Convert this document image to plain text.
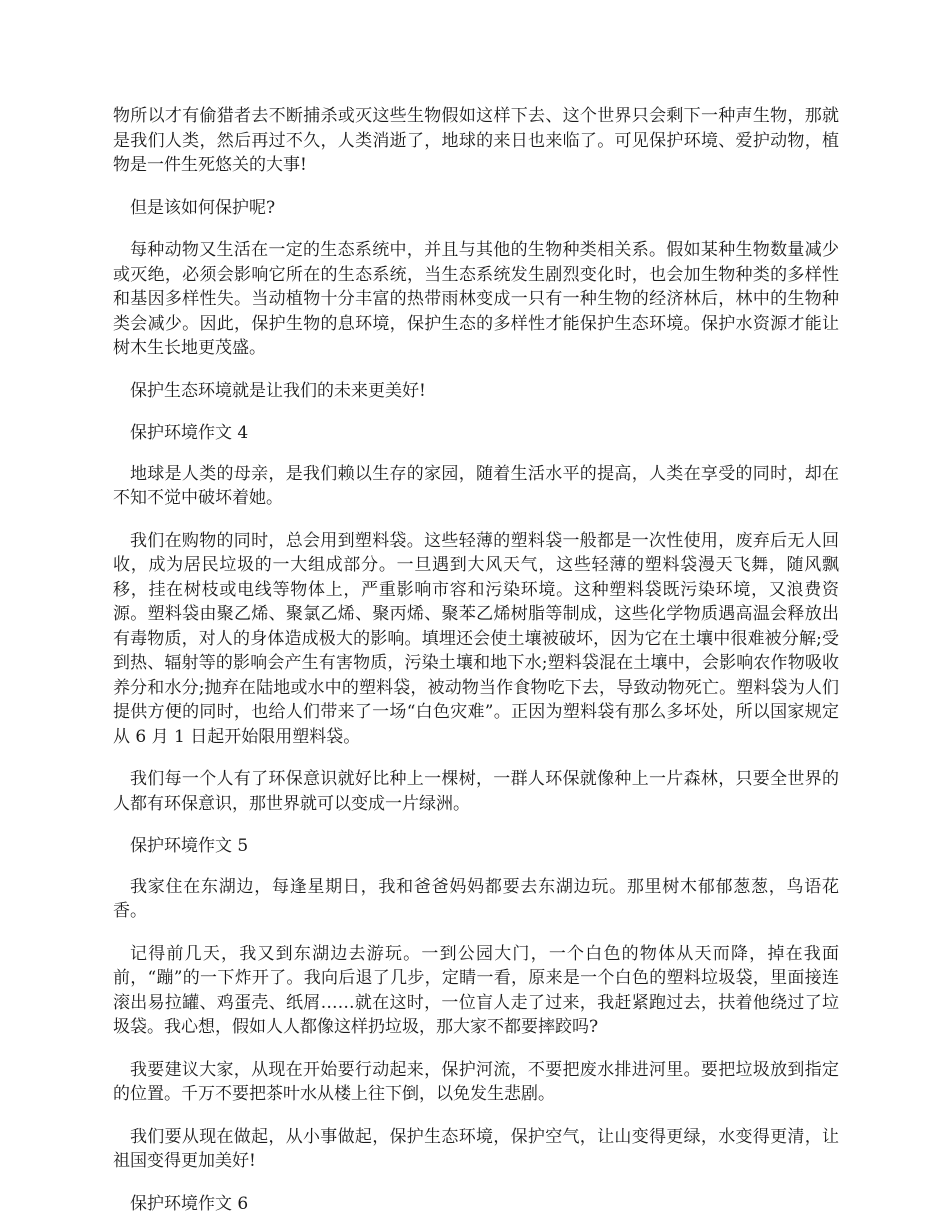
物所以才有偷猎者去不断捕杀或灭这些生物假如这样下去、这个世界只会剩下一种声生物，那就是我们人类，然后再过不久，人类消逝了，地球的来日也来临了。可见保护环境、爱护动物，植物是一件生死悠关的大事!

但是该如何保护呢?

每种动物又生活在一定的生态系统中，并且与其他的生物种类相关系。假如某种生物数量减少或灭绝，必须会影响它所在的生态系统，当生态系统发生剧烈变化时，也会加生物种类的多样性和基因多样性失。当动植物十分丰富的热带雨林变成一只有一种生物的经济林后，林中的生物种类会减少。因此，保护生物的息环境，保护生态的多样性才能保护生态环境。保护水资源才能让树木生长地更茂盛。

保护生态环境就是让我们的未来更美好!

保护环境作文 4

地球是人类的母亲，是我们赖以生存的家园，随着生活水平的提高，人类在享受的同时，却在不知不觉中破坏着她。

我们在购物的同时，总会用到塑料袋。这些轻薄的塑料袋一般都是一次性使用，废弃后无人回收，成为居民垃圾的一大组成部分。一旦遇到大风天气，这些轻薄的塑料袋漫天飞舞，随风飘移，挂在树枝或电线等物体上，严重影响市容和污染环境。这种塑料袋既污染环境，又浪费资源。塑料袋由聚乙烯、聚氯乙烯、聚丙烯、聚苯乙烯树脂等制成，这些化学物质遇高温会释放出有毒物质，对人的身体造成极大的影响。填埋还会使土壤被破坏，因为它在土壤中很难被分解;受到热、辐射等的影响会产生有害物质，污染土壤和地下水;塑料袋混在土壤中，会影响农作物吸收养分和水分;抛弃在陆地或水中的塑料袋，被动物当作食物吃下去，导致动物死亡。塑料袋为人们提供方便的同时，也给人们带来了一场“白色灾难”。正因为塑料袋有那么多坏处，所以国家规定从 6 月 1 日起开始限用塑料袋。

我们每一个人有了环保意识就好比种上一棵树，一群人环保就像种上一片森林，只要全世界的人都有环保意识，那世界就可以变成一片绿洲。

保护环境作文 5

我家住在东湖边，每逢星期日，我和爸爸妈妈都要去东湖边玩。那里树木郁郁葱葱，鸟语花香。

记得前几天，我又到东湖边去游玩。一到公园大门，一个白色的物体从天而降，掉在我面前，“蹦”的一下炸开了。我向后退了几步，定睛一看，原来是一个白色的塑料垃圾袋，里面接连滚出易拉罐、鸡蛋壳、纸屑……就在这时，一位盲人走了过来，我赶紧跑过去，扶着他绕过了垃圾袋。我心想，假如人人都像这样扔垃圾，那大家不都要摔跤吗?

我要建议大家，从现在开始要行动起来，保护河流，不要把废水排进河里。要把垃圾放到指定的位置。千万不要把茶叶水从楼上往下倒，以免发生悲剧。

我们要从现在做起，从小事做起，保护生态环境，保护空气，让山变得更绿，水变得更清，让祖国变得更加美好!

保护环境作文 6
